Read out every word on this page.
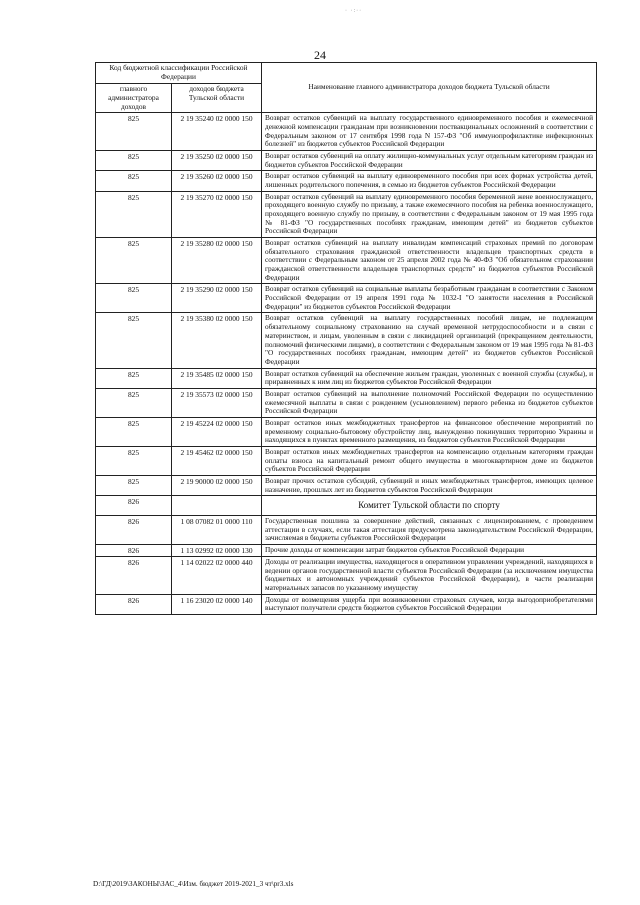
· ·:··
24
Код бюджетной классификации Российской Федерации		Наименование главного администратора доходов бюджета Тульской области
главного администратора доходов	доходов бюджета Тульской области	
825	2 19 35240 02 0000 150	Возврат остатков субвенций на выплату государственного единовременного пособия и ежемесячной денежной компенсации гражданам при возникновении поствакцинальных осложнений в соответствии с Федеральным законом от 17 сентября 1998 года N 157-ФЗ "Об иммунопрофилактике инфекционных болезней" из бюджетов субъектов Российской Федерации
825	2 19 35250 02 0000 150	Возврат остатков субвенций на оплату жилищно-коммунальных услуг отдельным категориям граждан из бюджетов субъектов Российской Федерации
825	2 19 35260 02 0000 150	Возврат остатков субвенций на выплату единовременного пособия при всех формах устройства детей, лишенных родительского попечения, в семью из бюджетов субъектов Российской Федерации
825	2 19 35270 02 0000 150	Возврат остатков субвенций на выплату единовременного пособия беременной жене военнослужащего, проходящего военную службу по призыву, а также ежемесячного пособия на ребенка военнослужащего, проходящего военную службу по призыву, в соответствии с Федеральным законом от 19 мая 1995 года № 81-ФЗ "О государственных пособиях гражданам, имеющим детей" из бюджетов субъектов Российской Федерации
825	2 19 35280 02 0000 150	Возврат остатков субвенций на выплату инвалидам компенсаций страховых премий по договорам обязательного страхования гражданской ответственности владельцев транспортных средств в соответствии с Федеральным законом от 25 апреля 2002 года № 40-ФЗ "Об обязательном страховании гражданской ответственности владельцев транспортных средств" из бюджетов субъектов Российской Федерации
825	2 19 35290 02 0000 150	Возврат остатков субвенций на социальные выплаты безработным гражданам в соответствии с Законом Российской Федерации от 19 апреля 1991 года № 1032-I "О занятости населения в Российской Федерации" из бюджетов субъектов Российской Федерации
825	2 19 35380 02 0000 150	Возврат остатков субвенций на выплату государственных пособий лицам, не подлежащим обязательному социальному страхованию на случай временной нетрудоспособности и в связи с материнством, и лицам, уволенным в связи с ликвидацией организаций (прекращением деятельности, полномочий физическими лицами), в соответствии с Федеральным законом от 19 мая 1995 года № 81-ФЗ "О государственных пособиях гражданам, имеющим детей" из бюджетов субъектов Российской Федерации
825	2 19 35485 02 0000 150	Возврат остатков субвенций на обеспечение жильем граждан, уволенных с военной службы (службы), и приравненных к ним лиц из бюджетов субъектов Российской Федерации
825	2 19 35573 02 0000 150	Возврат остатков субвенций на выполнение полномочий Российской Федерации по осуществлению ежемесячной выплаты в связи с рождением (усыновлением) первого ребенка из бюджетов субъектов Российской Федерации
825	2 19 45224 02 0000 150	Возврат остатков иных межбюджетных трансфертов на финансовое обеспечение мероприятий по временному социально-бытовому обустройству лиц, вынужденно покинувших территорию Украины и находящихся в пунктах временного размещения, из бюджетов субъектов Российской Федерации
825	2 19 45462 02 0000 150	Возврат остатков иных межбюджетных трансфертов на компенсацию отдельным категориям граждан оплаты взноса на капитальный ремонт общего имущества в многоквартирном доме из бюджетов субъектов Российской Федерации
825	2 19 90000 02 0000 150	Возврат прочих остатков субсидий, субвенций и иных межбюджетных трансфертов, имеющих целевое назначение, прошлых лет из бюджетов субъектов Российской Федерации
826		Комитет Тульской области по спорту
826	1 08 07082 01 0000 110	Государственная пошлина за совершение действий, связанных с лицензированием, с проведением аттестации в случаях, если такая аттестация предусмотрена законодательством Российской Федерации, зачисляемая в бюджеты субъектов Российской Федерации
826	1 13 02992 02 0000 130	Прочие доходы от компенсации затрат бюджетов субъектов Российской Федерации
826	1 14 02022 02 0000 440	Доходы от реализации имущества, находящегося в оперативном управлении учреждений, находящихся в ведении органов государственной власти субъектов Российской Федерации (за исключением имущества бюджетных и автономных учреждений субъектов Российской Федерации), в части реализации материальных запасов по указанному имуществу
826	1 16 23020 02 0000 140	Доходы от возмещения ущерба при возникновении страховых случаев, когда выгодоприобретателями выступают получатели средств бюджетов субъектов Российской Федерации
D:\ГД\2019\ЗАКОНЫ\ЗАС_4\Изм. бюджет 2019-2021_3 чт\pr3.xls
